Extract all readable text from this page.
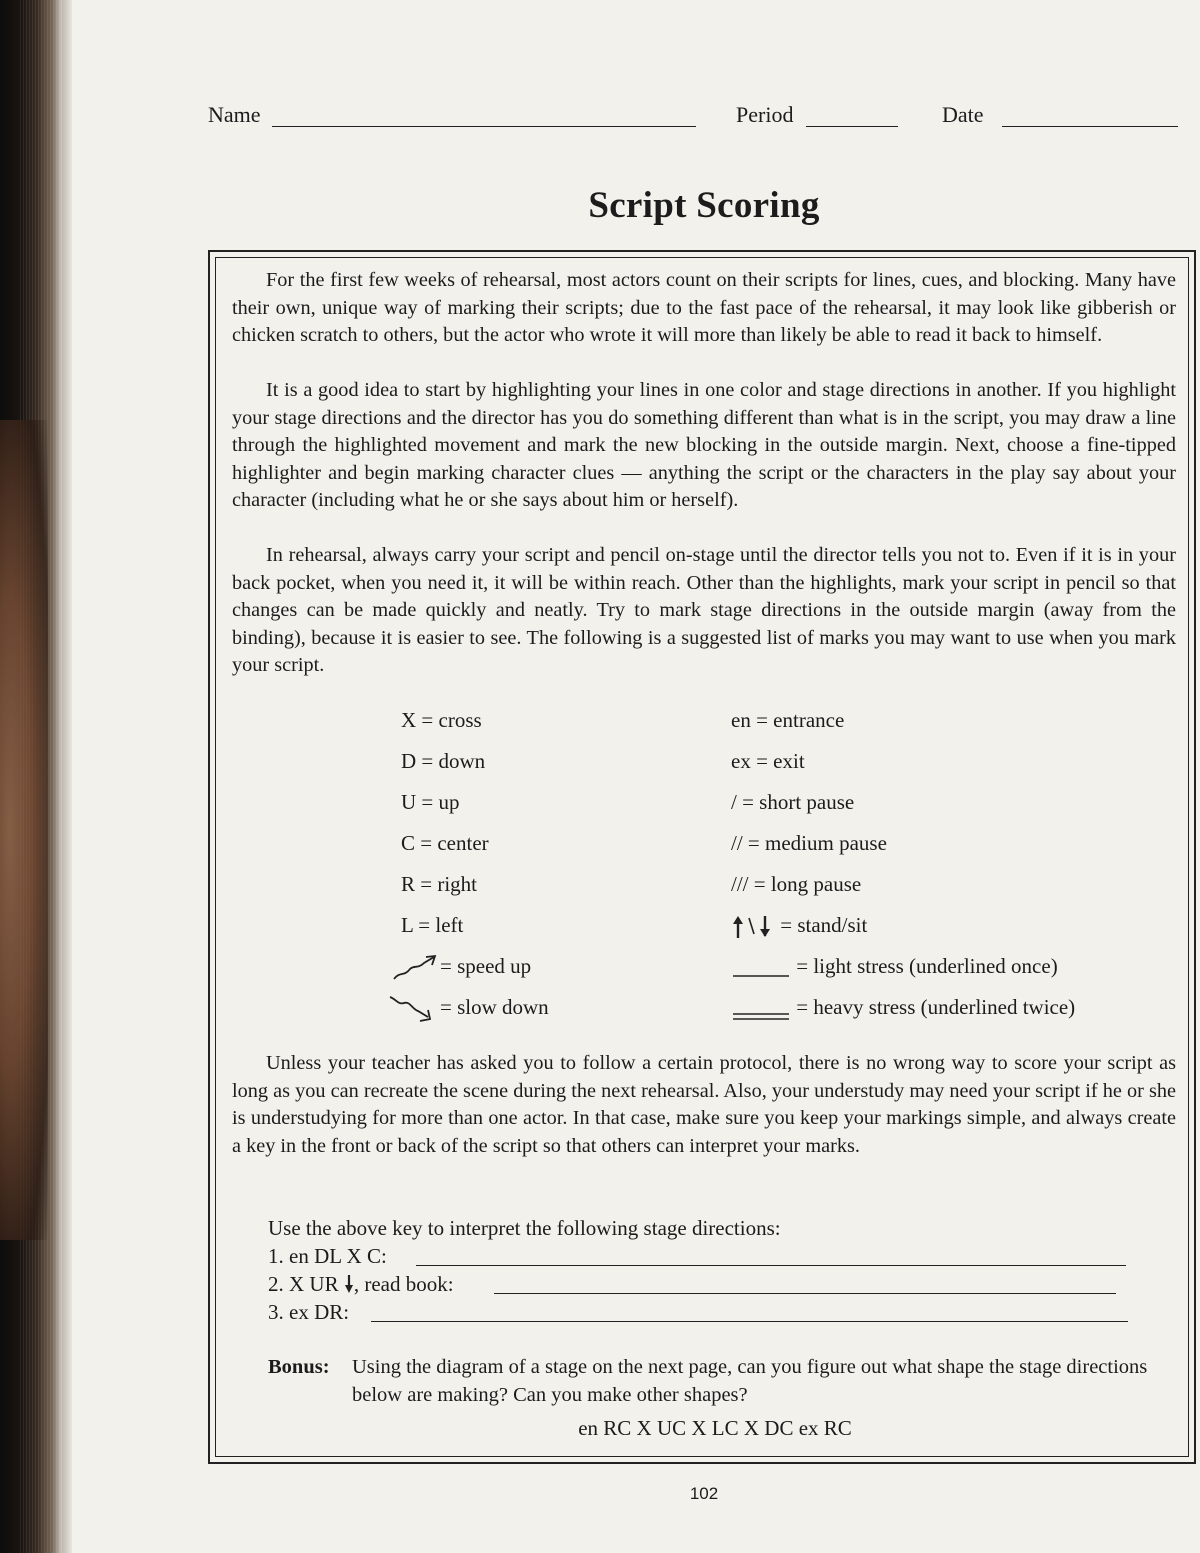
Name	Period	Date
Script Scoring

For the first few weeks of rehearsal, most actors count on their scripts for lines, cues, and blocking. Many have their own, unique way of marking their scripts; due to the fast pace of the rehearsal, it may look like gibberish or chicken scratch to others, but the actor who wrote it will more than likely be able to read it back to himself.

It is a good idea to start by highlighting your lines in one color and stage directions in another. If you highlight your stage directions and the director has you do something different than what is in the script, you may draw a line through the highlighted movement and mark the new blocking in the outside margin. Next, choose a fine-tipped highlighter and begin marking character clues — anything the script or the characters in the play say about your character (including what he or she says about him or herself).

In rehearsal, always carry your script and pencil on-stage until the director tells you not to. Even if it is in your back pocket, when you need it, it will be within reach. Other than the highlights, mark your script in pencil so that changes can be made quickly and neatly. Try to mark stage directions in the outside margin (away from the binding), because it is easier to see. The following is a suggested list of marks you may want to use when you mark your script.

X = cross
D = down
U = up
C = center
R = right
L = left
= speed up
= slow down
en = entrance
ex = exit
/ = short pause
// = medium pause
/// = long pause
= stand/sit
= light stress (underlined once)
= heavy stress (underlined twice)

Unless your teacher has asked you to follow a certain protocol, there is no wrong way to score your script as long as you can recreate the scene during the next rehearsal. Also, your understudy may need your script if he or she is understudying for more than one actor. In that case, make sure you keep your markings simple, and always create a key in the front or back of the script so that others can interpret your marks.

Use the above key to interpret the following stage directions:
1. en DL X C:
2. X UR , read book:
3. ex DR:
Bonus: Using the diagram of a stage on the next page, can you figure out what shape the stage directions below are making? Can you make other shapes?
en RC X UC X LC X DC ex RC
102
